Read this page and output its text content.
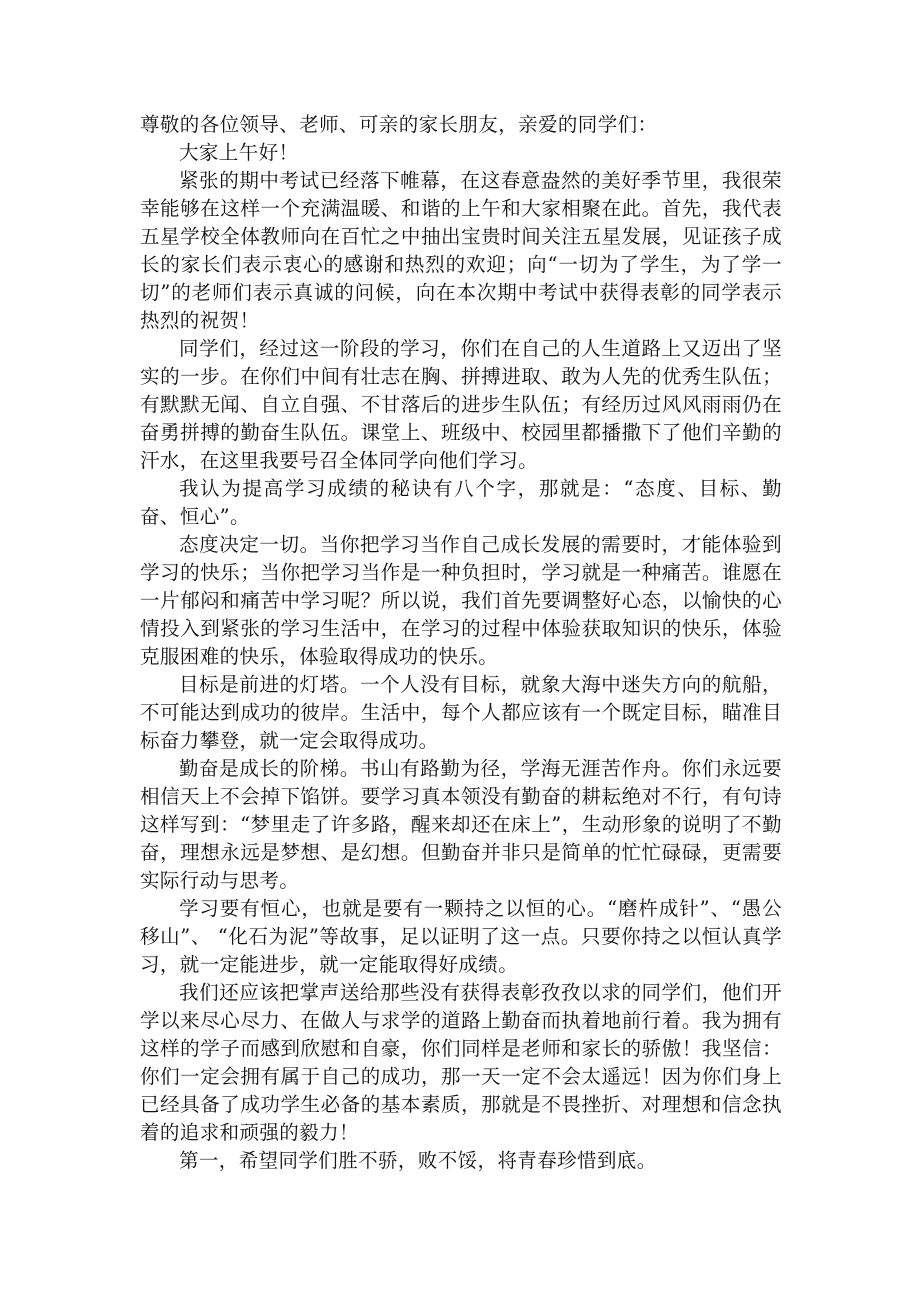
尊敬的各位领导、老师、可亲的家长朋友，亲爱的同学们：

大家上午好！

紧张的期中考试已经落下帷幕，在这春意盎然的美好季节里，我很荣幸能够在这样一个充满温暖、和谐的上午和大家相聚在此。首先，我代表五星学校全体教师向在百忙之中抽出宝贵时间关注五星发展，见证孩子成长的家长们表示衷心的感谢和热烈的欢迎；向“一切为了学生，为了学一切”的老师们表示真诚的问候，向在本次期中考试中获得表彰的同学表示热烈的祝贺！

同学们，经过这一阶段的学习，你们在自己的人生道路上又迈出了坚实的一步。在你们中间有壮志在胸、拼搏进取、敢为人先的优秀生队伍；有默默无闻、自立自强、不甘落后的进步生队伍；有经历过风风雨雨仍在奋勇拼搏的勤奋生队伍。课堂上、班级中、校园里都播撒下了他们辛勤的汗水，在这里我要号召全体同学向他们学习。

我认为提高学习成绩的秘诀有八个字，那就是：“态度、目标、勤奋、恒心”。

态度决定一切。当你把学习当作自己成长发展的需要时，才能体验到学习的快乐；当你把学习当作是一种负担时，学习就是一种痛苦。谁愿在一片郁闷和痛苦中学习呢？所以说，我们首先要调整好心态，以愉快的心情投入到紧张的学习生活中，在学习的过程中体验获取知识的快乐，体验克服困难的快乐，体验取得成功的快乐。

目标是前进的灯塔。一个人没有目标，就象大海中迷失方向的航船，不可能达到成功的彼岸。生活中，每个人都应该有一个既定目标，瞄准目标奋力攀登，就一定会取得成功。

勤奋是成长的阶梯。书山有路勤为径，学海无涯苦作舟。你们永远要相信天上不会掉下馅饼。要学习真本领没有勤奋的耕耘绝对不行，有句诗这样写到：“梦里走了许多路，醒来却还在床上”，生动形象的说明了不勤奋，理想永远是梦想、是幻想。但勤奋并非只是简单的忙忙碌碌，更需要实际行动与思考。

学习要有恒心，也就是要有一颗持之以恒的心。“磨杵成针”、“愚公移山”、 “化石为泥”等故事，足以证明了这一点。只要你持之以恒认真学习，就一定能进步，就一定能取得好成绩。

我们还应该把掌声送给那些没有获得表彰孜孜以求的同学们，他们开学以来尽心尽力、在做人与求学的道路上勤奋而执着地前行着。我为拥有这样的学子而感到欣慰和自豪，你们同样是老师和家长的骄傲！我坚信：你们一定会拥有属于自己的成功，那一天一定不会太遥远！因为你们身上已经具备了成功学生必备的基本素质，那就是不畏挫折、对理想和信念执着的追求和顽强的毅力！

第一，希望同学们胜不骄，败不馁，将青春珍惜到底。
